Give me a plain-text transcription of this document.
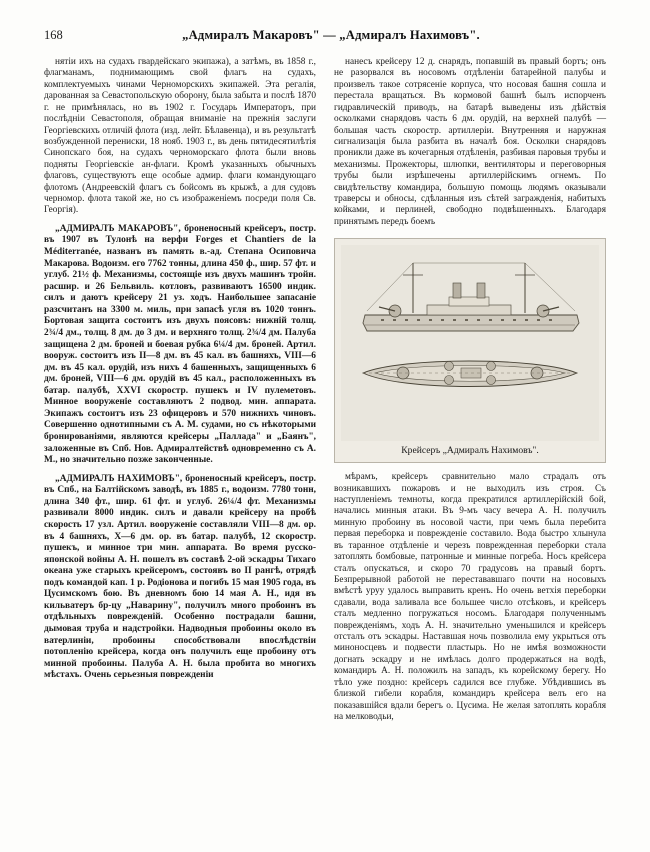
168	„Адмиралъ Макаровъ" — „Адмиралъ Нахимовъ".

нятiи ихъ на судахъ гвардейскаго экипажа), а затѣмъ, въ 1858 г., флагманамъ, поднимающимъ свой флагъ на судахъ, комплектуемыхъ чинами Черноморскихъ экипажей. Эта регалiя, дарованная за Севастопольскую оборону, была забыта и послѣ 1870 г. не примѣнялась, но въ 1902 г. Государь Императоръ, при послѣднiи Севастополя, обращая вниманiе на прежнiя заслуги Георгiевскихъ отличiй флота (изд. лейт. Бѣлавенца), и въ результатѣ возбужденной перениски, 18 нояб. 1903 г., въ день пятидесятилѣтiя Синопскаго боя, на судахъ черноморскаго флота были вновь подняты Георгiевскiе ан-флаги. Кромѣ указанныхъ обычныхъ флаговъ, существуютъ еще особые адмир. флаги командующаго флотомъ (Андреевскiй флагъ съ бойсомъ въ крыжѣ, а для судовъ черномор. флота такой же, но съ изображенiемъ посреди поля Св. Георгiя).

„АДМИРАЛЪ МАКАРОВЪ", броненосный крейсеръ, постр. въ 1907 въ Тулонѣ на верфи Forges et Chantiers de la Méditerranée, названъ въ память в.-ад. Степана Осиповича Макарова. Водоизм. его 7762 тонны, длина 450 ф., шир. 57 фт. и углуб. 21½ ф. Механизмы, состоящiе изъ двухъ машинъ тройн. расшир. и 26 Бельвиль. котловъ, развиваютъ 16500 индик. силъ и даютъ крейсеру 21 уз. ходъ. Наибольшее запасанiе разсчитанъ на 3300 м. миль, при запасѣ угля въ 1020 тоннъ. Бортовая защита состоитъ изъ двухъ поясовъ: нижнiй толщ. 2¾/4 дм., толщ. 8 дм. до 3 дм. и верхняго толщ. 2¾/4 дм. Палуба защищена 2 дм. броней и боевая рубка 6¼/4 дм. броней. Артил. вооруж. состоитъ изъ II—8 дм. въ 45 кал. въ башняхъ, VIII—6 дм. въ 45 кал. орудiй, изъ нихъ 4 башенныхъ, защищенныхъ 6 дм. броней, VIII—6 дм. орудiй въ 45 кал., расположенныхъ въ батар. палубѣ, XXVI скоростр. пушекъ и IV пулеметовъ. Минное вооруженiе составляютъ 2 подвод. мин. аппарата. Экипажъ состоитъ изъ 23 офицеровъ и 570 нижнихъ чиновъ. Совершенно однотипными съ А. М. судами, но съ нѣкоторыми бронированiями, являются крейсеры „Паллада" и „Баянъ", заложенные въ Спб. Нов. Адмиралтействѣ одновременно съ А. М., но значительно позже законченные.

„АДМИРАЛЪ НАХИМОВЪ", броненосный крейсеръ, постр. въ Спб., на Балтiйскомъ заводѣ, въ 1885 г., водоизм. 7780 тонн, длина 340 фт., шир. 61 фт. и углуб. 26¼/4 фт. Механизмы развивали 8000 индик. силъ и давали крейсеру на пробѣ скорость 17 узл. Артил. вооруженiе составляли VIII—8 дм. ор. въ 4 башняхъ, X—6 дм. ор. въ батар. палубѣ, 12 скоростр. пушекъ, и минное три мин. аппарата. Во время русско-японской войны А. Н. пошелъ въ составѣ 2-ой эскадры Тихаго океана уже старыхъ крейсеромъ, состоявъ во II рангѣ, отрядѣ подъ командой кап. 1 р. Родiонова и погибъ 15 мая 1905 года, въ Цусимскомъ бою. Въ дневномъ бою 14 мая А. Н., идя въ кильватеръ бр-цу „Наварину", получилъ много пробоинъ въ отдѣльныхъ поврежденiй. Особенно пострадали башни, дымовая труба и надстройки. Надводныя пробоины около въ ватерлинiи, пробоины способствовали впослѣдствiи потопленiю крейсера, когда онъ получилъ еще пробоину отъ минной пробоины. Палуба А. Н. была пробита во многихъ мѣстахъ. Очень серьезныя поврежденiи

нанесъ крейсеру 12 д. снарядъ, попавшiй въ правый бортъ; онъ не разорвался въ носовомъ отдѣленiи батарейной палубы и произвелъ такое сотрясенiе корпуса, что носовая башня сошла и перестала вращаться. Въ кормовой башнѣ былъ испорченъ гидравлическiй приводъ, на батарѣ выведены изъ дѣйствiя осколками снарядовъ часть 6 дм. орудiй, на верхней палубѣ — большая часть скоростр. артиллерiи. Внутренняя и наружная сигнализацiя была разбита въ началѣ боя. Осколки снарядовъ проникли даже въ кочегарныя отдѣленiя, разбивая паровыя трубы и механизмы. Прожекторы, шлюпки, вентиляторы и переговорныя трубы были изрѣшечены артиллерiйскимъ огнемъ. По свидѣтельству командира, большую помощь людямъ оказывали траверсы и обносы, сдѣланныя изъ сѣтей загражденiя, набитыхъ койками, и перлиней, свободно подвѣшенныхъ. Благодаря принятымъ передъ боемъ

Крейсеръ „Адмиралъ Нахимовъ".

мѣрамъ, крейсеръ сравнительно мало страдалъ отъ возникавшихъ пожаровъ и не выходилъ изъ строя. Съ наступленiемъ темноты, когда прекратился артиллерiйскiй бой, начались минныя атаки. Въ 9-мъ часу вечера А. Н. получилъ минную пробоину въ носовой части, при чемъ была перебита первая переборка и поврежденiе составило. Вода быстро хлынула въ таранное отдѣленiе и черезъ поврежденная переборки стала затоплять бомбовые, патронные и минные погреба. Носъ крейсера сталъ опускаться, и скоро 70 градусовъ на правый бортъ. Безпрерывной работой не перестававшаго почти на носовыхъ вмѣстѣ уруу удалось выправить кренъ. Но очень ветхiя переборки сдавали, вода заливала все большее число отсѣковъ, и крейсеръ сталъ медленно погружаться носомъ. Благодаря полученнымъ поврежденiямъ, ходъ А. Н. значительно уменьшился и крейсеръ отсталъ отъ эскадры. Наставшая ночь позволила ему укрыться отъ миноносцевъ и подвести пластырь. Но не имѣя возможности догнать эскадру и не имѣлась долго продержаться на водѣ, командиръ А. Н. положилъ на западъ, къ корейскому берегу. Но тѣло уже поздно: крейсеръ садился все глубже. Убѣдившись въ близкой гибели корабля, командиръ крейсера велъ его на показавшiйся вдали берегъ о. Цусима. Не желая затоплять корабля на мелководьи,
